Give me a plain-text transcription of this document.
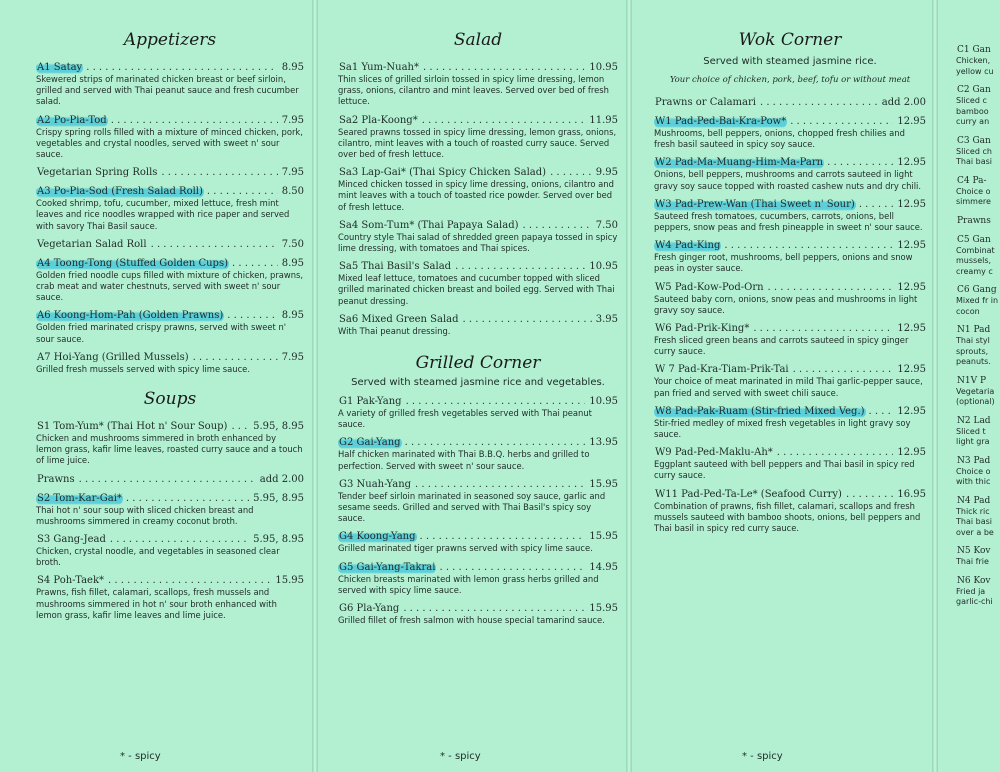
Appetizers
A1 Satay . . .	8.95
Skewered strips of marinated chicken breast or beef sirloin, grilled and served with Thai peanut sauce and fresh cucumber salad.
A2 Po-Pia-Tod . . .	7.95
Crispy spring rolls filled with a mixture of minced chicken, pork, vegetables and crystal noodles, served with sweet n' sour sauce.
Vegetarian Spring Rolls . . .	7.95
A3 Po-Pia-Sod (Fresh Salad Roll) . . .	8.50
Cooked shrimp, tofu, cucumber, mixed lettuce, fresh mint leaves and rice noodles wrapped with rice paper and served with savory Thai Basil sauce.
Vegetarian Salad Roll . . .	7.50
A4 Toong-Tong (Stuffed Golden Cups) . . .	8.95
Golden fried noodle cups filled with mixture of chicken, prawns, crab meat and water chestnuts, served with sweet n' sour sauce.
A6 Koong-Hom-Pah (Golden Prawns) . . .	8.95
Golden fried marinated crispy prawns, served with sweet n' sour sauce.
A7 Hoi-Yang (Grilled Mussels) . . .	7.95
Grilled fresh mussels served with spicy lime sauce.
Soups
S1 Tom-Yum* (Thai Hot n' Sour Soup) . . .	5.95, 8.95
Chicken and mushrooms simmered in broth enhanced by lemon grass, kafir lime leaves, roasted curry sauce and a touch of lime juice.
Prawns . . .	add 2.00
S2 Tom-Kar-Gai* . . .	5.95, 8.95
Thai hot n' sour soup with sliced chicken breast and mushrooms simmered in creamy coconut broth.
S3 Gang-Jead . . .	5.95, 8.95
Chicken, crystal noodle, and vegetables in seasoned clear broth.
S4 Poh-Taek* . . .	15.95
Prawns, fish fillet, calamari, scallops, fresh mussels and mushrooms simmered in hot n' sour broth enhanced with lemon grass, kafir lime leaves and lime juice.
* - spicy
Salad
Sa1 Yum-Nuah* . . .	10.95
Thin slices of grilled sirloin tossed in spicy lime dressing, lemon grass, onions, cilantro and mint leaves. Served over bed of fresh lettuce.
Sa2 Pla-Koong* . . .	11.95
Seared prawns tossed in spicy lime dressing, lemon grass, onions, cilantro, mint leaves with a touch of roasted curry sauce. Served over bed of fresh lettuce.
Sa3 Lap-Gai* (Thai Spicy Chicken Salad) . . .	9.95
Minced chicken tossed in spicy lime dressing, onions, cilantro and mint leaves with a touch of toasted rice powder. Served over bed of fresh lettuce.
Sa4 Som-Tum* (Thai Papaya Salad) . . .	7.50
Country style Thai salad of shredded green papaya tossed in spicy lime dressing, with tomatoes and Thai spices.
Sa5 Thai Basil's Salad . . .	10.95
Mixed leaf lettuce, tomatoes and cucumber topped with sliced grilled marinated chicken breast and boiled egg. Served with Thai peanut dressing.
Sa6 Mixed Green Salad . . .	3.95
With Thai peanut dressing.
Grilled Corner
Served with steamed jasmine rice and vegetables.
G1 Pak-Yang . . .	10.95
A variety of grilled fresh vegetables served with Thai peanut sauce.
G2 Gai-Yang . . .	13.95
Half chicken marinated with Thai B.B.Q. herbs and grilled to perfection. Served with sweet n' sour sauce.
G3 Nuah-Yang . . .	15.95
Tender beef sirloin marinated in seasoned soy sauce, garlic and sesame seeds. Grilled and served with Thai Basil's spicy soy sauce.
G4 Koong-Yang . . .	15.95
Grilled marinated tiger prawns served with spicy lime sauce.
G5 Gai-Yang-Takrai . . .	14.95
Chicken breasts marinated with lemon grass herbs grilled and served with spicy lime sauce.
G6 Pla-Yang . . .	15.95
Grilled fillet of fresh salmon with house special tamarind sauce.
* - spicy
Wok Corner
Served with steamed jasmine rice.
Your choice of chicken, pork, beef, tofu or without meat
Prawns or Calamari . . .	add 2.00
W1 Pad-Ped-Bai-Kra-Pow* . . .	12.95
Mushrooms, bell peppers, onions, chopped fresh chilies and fresh basil sauteed in spicy soy sauce.
W2 Pad-Ma-Muang-Him-Ma-Parn . . .	12.95
Onions, bell peppers, mushrooms and carrots sauteed in light gravy soy sauce topped with roasted cashew nuts and dry chili.
W3 Pad-Prew-Wan (Thai Sweet n' Sour) . . .	12.95
Sauteed fresh tomatoes, cucumbers, carrots, onions, bell peppers, snow peas and fresh pineapple in sweet n' sour sauce.
W4 Pad-King . . .	12.95
Fresh ginger root, mushrooms, bell peppers, onions and snow peas in oyster sauce.
W5 Pad-Kow-Pod-Orn . . .	12.95
Sauteed baby corn, onions, snow peas and mushrooms in light gravy soy sauce.
W6 Pad-Prik-King* . . .	12.95
Fresh sliced green beans and carrots sauteed in spicy ginger curry sauce.
W 7 Pad-Kra-Tiam-Prik-Tai . . .	12.95
Your choice of meat marinated in mild Thai garlic-pepper sauce, pan fried and served with sweet chili sauce.
W8 Pad-Pak-Ruam (Stir-fried Mixed Veg.) . . .	12.95
Stir-fried medley of mixed fresh vegetables in light gravy soy sauce.
W9 Pad-Ped-Maklu-Ah* . . .	12.95
Eggplant sauteed with bell peppers and Thai basil in spicy red curry sauce.
W11 Pad-Ped-Ta-Le* (Seafood Curry) . . .	16.95
Combination of prawns, fish fillet, calamari, scallops and fresh mussels sauteed with bamboo shoots, onions, bell peppers and Thai basil in spicy red curry sauce.
* - spicy
C1 Gan
Chicken, yellow cu
C2 Gan
Sliced c bamboo curry an
C3 Gan
Sliced ch Thai basi
C4 Pa-
Choice o simmere
Prawns
C5 Gan
Combinat mussels, creamy c
C6 Gang
Mixed fr in cocon
N1 Pad
Thai styl sprouts, peanuts.
N1V P
Vegetaria (optional)
N2 Lad
Sliced t light gra
N3 Pad
Choice o with thic
N4 Pad
Thick ric Thai basi over a be
N5 Kov
Thai frie
N6 Kov
Fried ja garlic-chi
